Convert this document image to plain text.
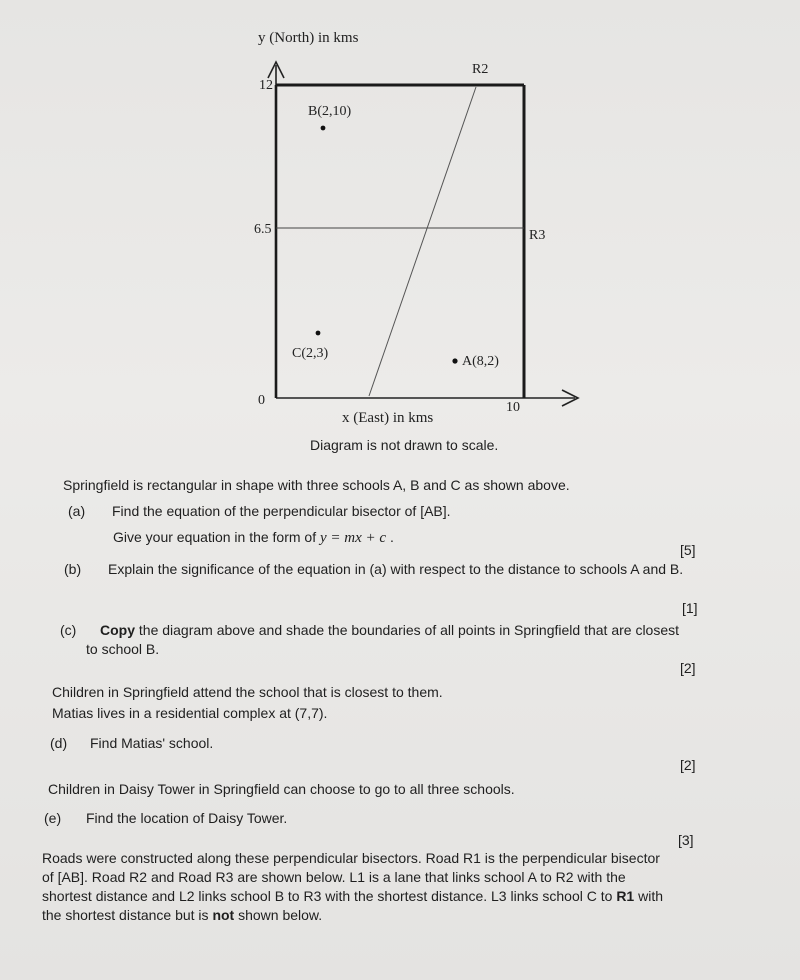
y (North) in kms
12
6.5
0	10
R2
R3
B(2,10)
C(2,3)
A(8,2)
x (East) in kms
Diagram is not drawn to scale.
Springfield is rectangular in shape with three schools A, B and C as shown above.
(a) Find the equation of the perpendicular bisector of [AB].
Give your equation in the form of y = mx + c .
[5]
(b) Explain the significance of the equation in (a) with respect to the distance to schools A and B.
[1]
(c) Copy the diagram above and shade the boundaries of all points in Springfield that are closest
to school B.
[2]
Children in Springfield attend the school that is closest to them.
Matias lives in a residential complex at (7,7).
(d) Find Matias' school.
[2]
Children in Daisy Tower in Springfield can choose to go to all three schools.
(e) Find the location of Daisy Tower.
[3]
Roads were constructed along these perpendicular bisectors. Road R1 is the perpendicular bisector
of [AB]. Road R2 and Road R3 are shown below. L1 is a lane that links school A to R2 with the
shortest distance and L2 links school B to R3 with the shortest distance. L3 links school C to R1 with
the shortest distance but is not shown below.
